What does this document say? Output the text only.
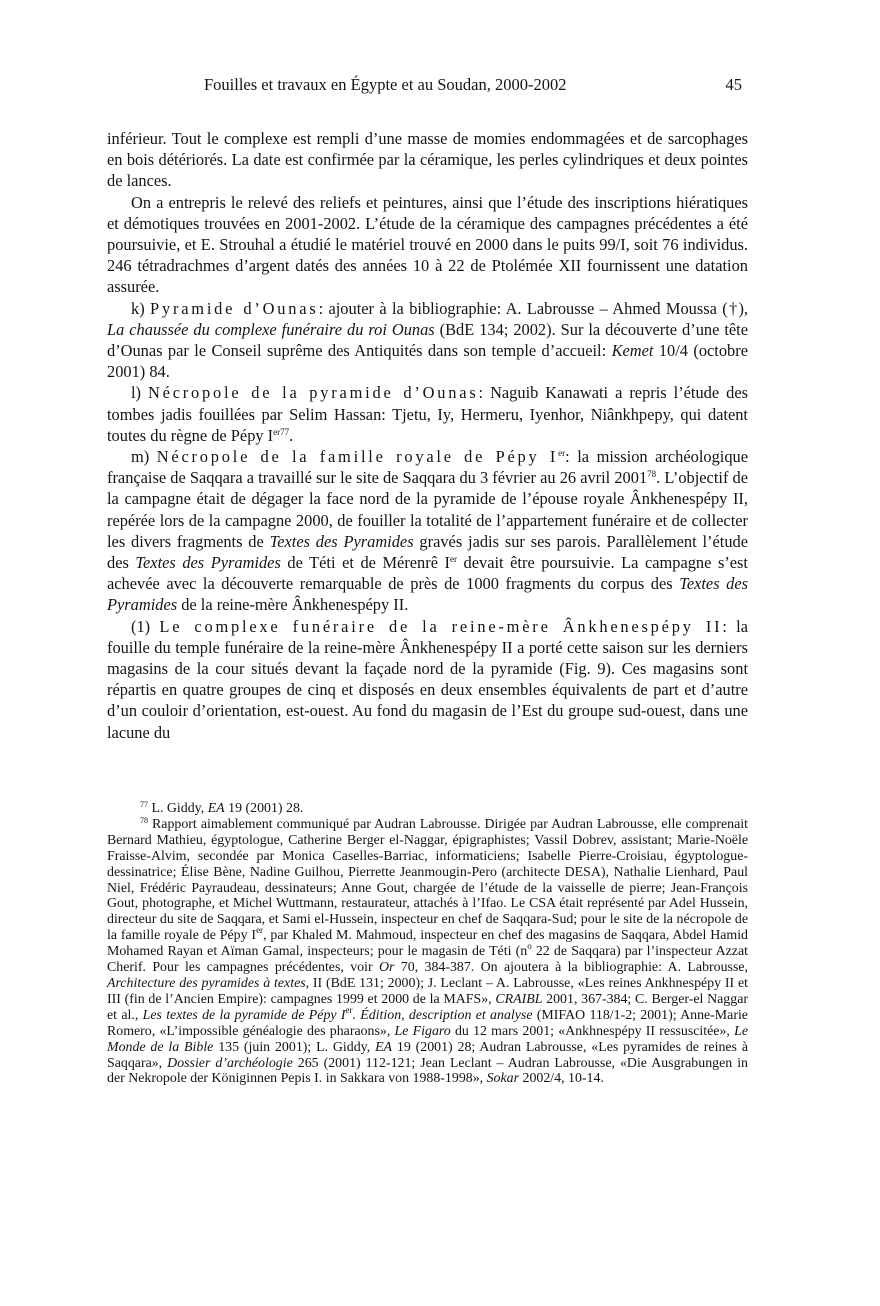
Fouilles et travaux en Égypte et au Soudan, 2000-2002	45

inférieur. Tout le complexe est rempli d’une masse de momies endommagées et de sarcophages en bois détériorés. La date est confirmée par la céramique, les perles cylindriques et deux pointes de lances.

On a entrepris le relevé des reliefs et peintures, ainsi que l’étude des inscriptions hiératiques et démotiques trouvées en 2001-2002. L’étude de la céramique des campagnes précédentes a été poursuivie, et E. Strouhal a étudié le matériel trouvé en 2000 dans le puits 99/I, soit 76 individus. 246 tétradrachmes d’argent datés des années 10 à 22 de Ptolémée XII fournissent une datation assurée.

k) Pyramide d’Ounas: ajouter à la bibliographie: A. Labrousse – Ahmed Moussa (†), La chaussée du complexe funéraire du roi Ounas (BdE 134; 2002). Sur la découverte d’une tête d’Ounas par le Conseil suprême des Antiquités dans son temple d’accueil: Kemet 10/4 (octobre 2001) 84.

l) Nécropole de la pyramide d’Ounas: Naguib Kanawati a repris l’étude des tombes jadis fouillées par Selim Hassan: Tjetu, Iy, Hermeru, Iyenhor, Niânkhpepy, qui datent toutes du règne de Pépy $I^{er77}$.

m) Nécropole de la famille royale de Pépy Ier: la mission archéologique française de Saqqara a travaillé sur le site de Saqqara du 3 février au 26 avril 2001$^{78}$. L’objectif de la campagne était de dégager la face nord de la pyramide de l’épouse royale Ânkhenespépy II, repérée lors de la campagne 2000, de fouiller la totalité de l’appartement funéraire et de collecter les divers fragments de Textes des Pyramides gravés jadis sur ses parois. Parallèlement l’étude des Textes des Pyramides de Téti et de Mérenrê Ier devait être poursuivie. La campagne s’est achevée avec la découverte remarquable de près de 1000 fragments du corpus des Textes des Pyramides de la reine-mère Ânkhenespépy II.

(1) Le complexe funéraire de la reine-mère Ânkhenespépy II: la fouille du temple funéraire de la reine-mère Ânkhenespépy II a porté cette saison sur les derniers magasins de la cour situés devant la façade nord de la pyramide (Fig. 9). Ces magasins sont répartis en quatre groupes de cinq et disposés en deux ensembles équivalents de part et d’autre d’un couloir d’orientation, est-ouest. Au fond du magasin de l’Est du groupe sud-ouest, dans une lacune du

$^{77}$ L. Giddy, EA 19 (2001) 28.

$^{78}$ Rapport aimablement communiqué par Audran Labrousse. Dirigée par Audran Labrousse, elle comprenait Bernard Mathieu, égyptologue, Catherine Berger el-Naggar, épigraphistes; Vassil Dobrev, assistant; Marie-Noële Fraisse-Alvim, secondée par Monica Caselles-Barriac, informaticiens; Isabelle Pierre-Croisiau, égyptologue-dessinatrice; Élise Bène, Nadine Guilhou, Pierrette Jeanmougin-Pero (architecte DESA), Nathalie Lienhard, Paul Niel, Frédéric Payraudeau, dessinateurs; Anne Gout, chargée de l’étude de la vaisselle de pierre; Jean-François Gout, photographe, et Michel Wuttmann, restaurateur, attachés à l’Ifao. Le CSA était représenté par Adel Hussein, directeur du site de Saqqara, et Sami el-Hussein, inspecteur en chef de Saqqara-Sud; pour le site de la nécropole de la famille royale de Pépy Ier, par Khaled M. Mahmoud, inspecteur en chef des magasins de Saqqara, Abdel Hamid Mohamed Rayan et Aïman Gamal, inspecteurs; pour le magasin de Téti ($n^o$ 22 de Saqqara) par l’inspecteur Azzat Cherif. Pour les campagnes précédentes, voir Or 70, 384-387. On ajoutera à la bibliographie: A. Labrousse, Architecture des pyramides à textes, II (BdE 131; 2000); J. Leclant – A. Labrousse, «Les reines Ankhnespépy II et III (fin de l’Ancien Empire): campagnes 1999 et 2000 de la MAFS», CRAIBL 2001, 367-384; C. Berger-el Naggar et al., Les textes de la pyramide de Pépy Ier. Édition, description et analyse (MIFAO 118/1-2; 2001); Anne-Marie Romero, «L’impossible généalogie des pharaons», Le Figaro du 12 mars 2001; «Ankhnespépy II ressuscitée», Le Monde de la Bible 135 (juin 2001); L. Giddy, EA 19 (2001) 28; Audran Labrousse, «Les pyramides de reines à Saqqara», Dossier d’archéologie 265 (2001) 112-121; Jean Leclant – Audran Labrousse, «Die Ausgrabungen in der Nekropole der Königinnen Pepis I. in Sakkara von 1988-1998», Sokar 2002/4, 10-14.
